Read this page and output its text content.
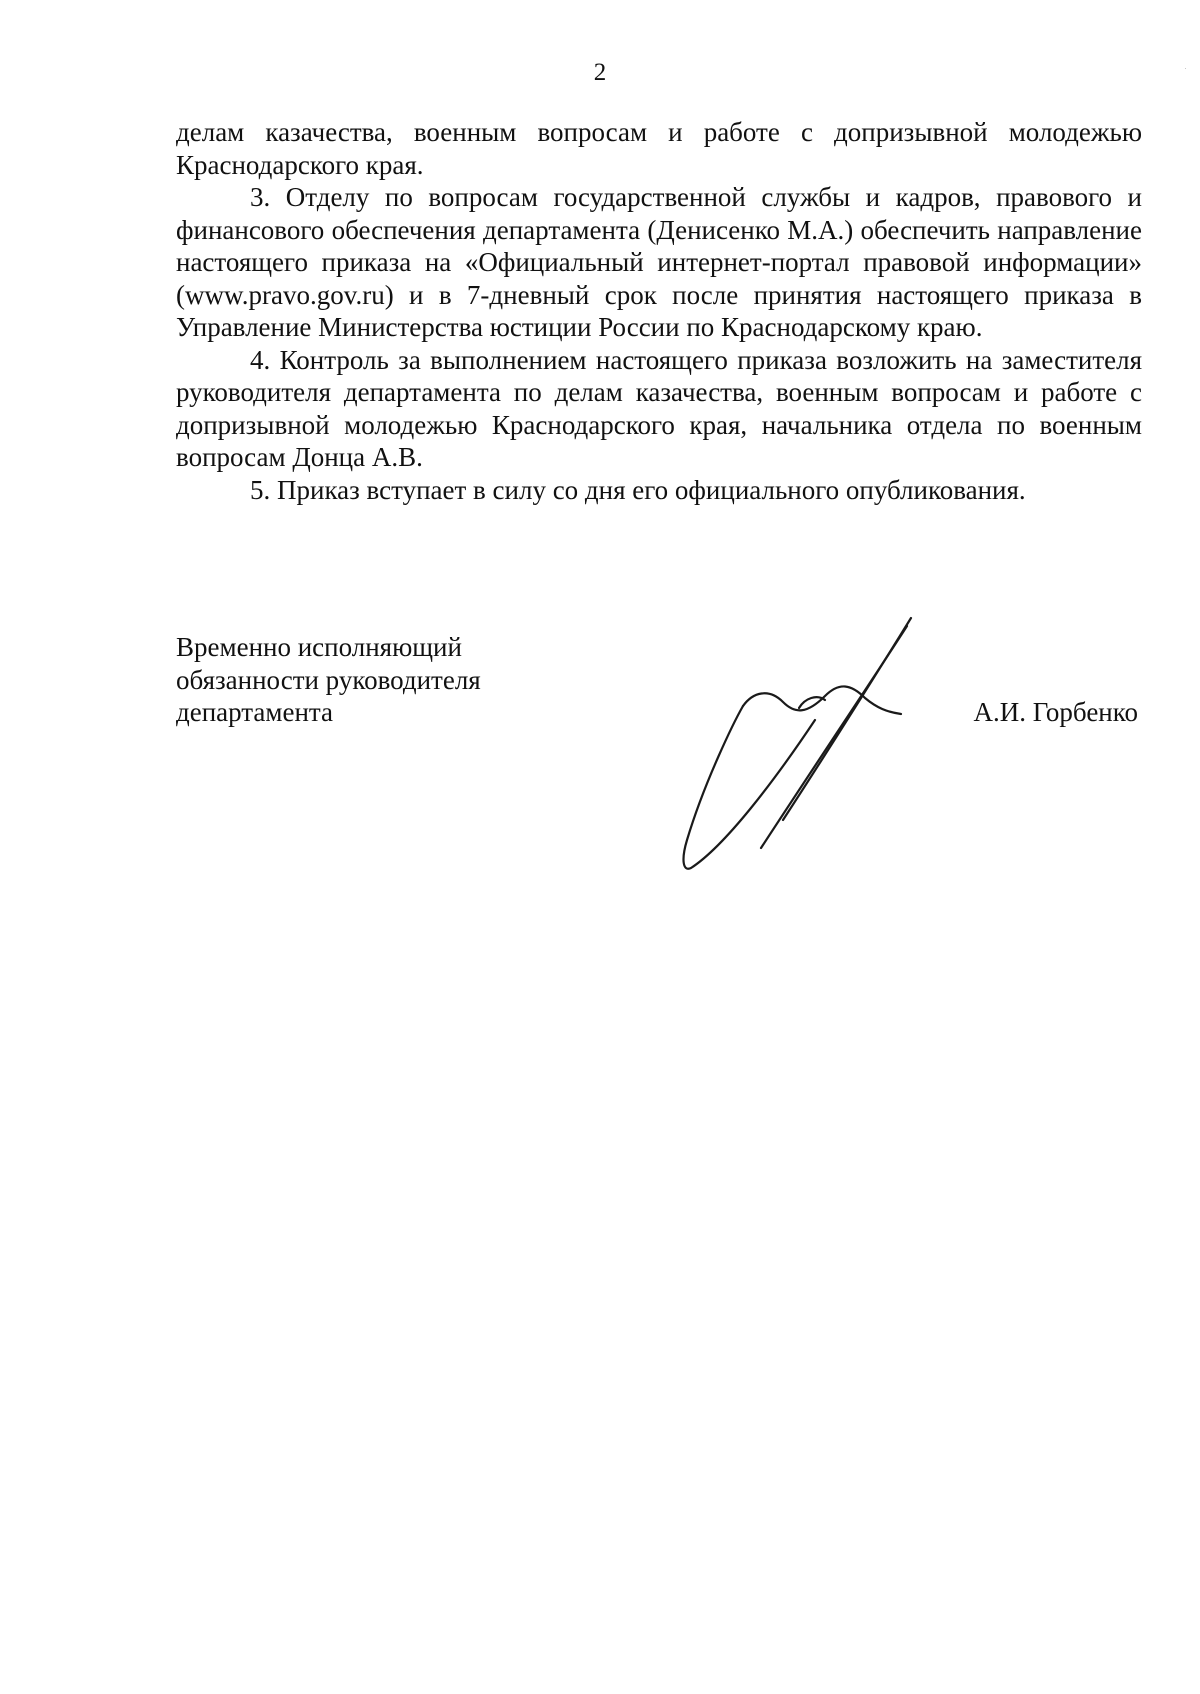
2

делам казачества, военным вопросам и работе с допризывной молодежью Краснодарского края.

3. Отделу по вопросам государственной службы и кадров, правового и финансового обеспечения департамента (Денисенко М.А.) обеспечить направление настоящего приказа на «Официальный интернет-портал правовой информации» (www.pravo.gov.ru) и в 7-дневный срок после принятия настоящего приказа в Управление Министерства юстиции России по Краснодарскому краю.

4. Контроль за выполнением настоящего приказа возложить на заместителя руководителя департамента по делам казачества, военным вопросам и работе с допризывной молодежью Краснодарского края, начальника отдела по военным вопросам Донца А.В.

5. Приказ вступает в силу со дня его официального опубликования.

Временно исполняющий
обязанности руководителя
департамента	А.И. Горбенко
